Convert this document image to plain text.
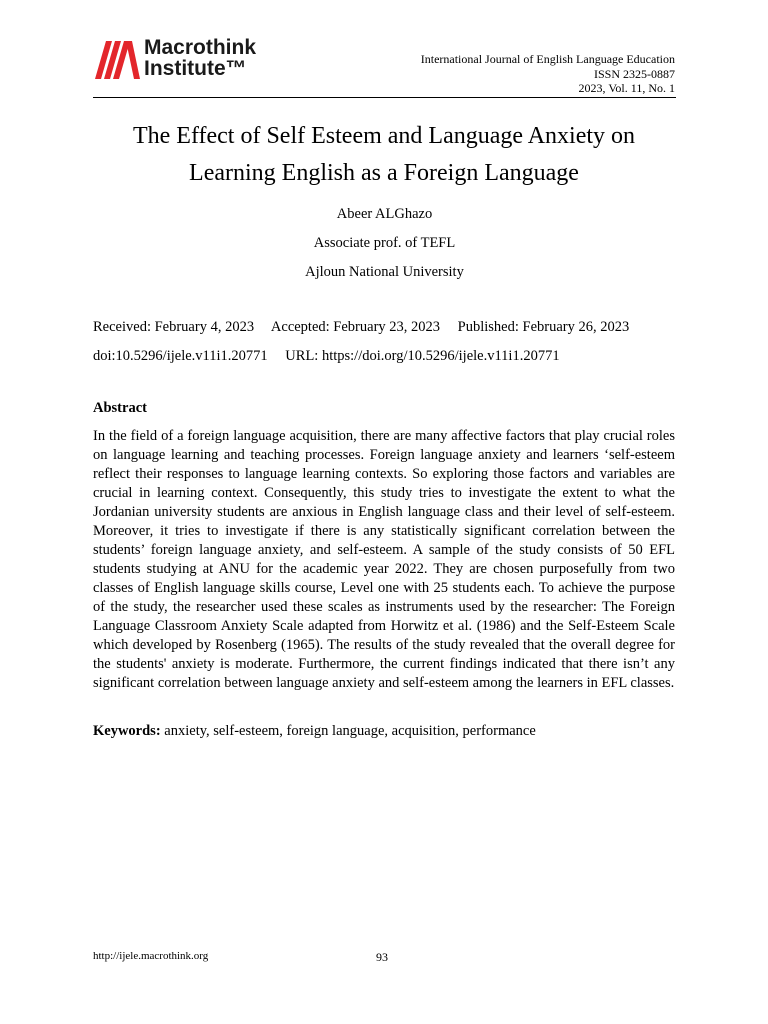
Macrothink
Institute™	International Journal of English Language Education
ISSN 2325-0887
2023, Vol. 11, No. 1
The Effect of Self Esteem and Language Anxiety on
Learning English as a Foreign Language
Abeer ALGhazo
Associate prof. of TEFL
Ajloun National University
Received: February 4, 2023 Accepted: February 23, 2023 Published: February 26, 2023
doi:10.5296/ijele.v11i1.20771 URL: https://doi.org/10.5296/ijele.v11i1.20771
Abstract

In the field of a foreign language acquisition, there are many affective factors that play crucial roles on language learning and teaching processes. Foreign language anxiety and learners ‘self-esteem reflect their responses to language learning contexts. So exploring those factors and variables are crucial in learning context. Consequently, this study tries to investigate the extent to what the Jordanian university students are anxious in English language class and their level of self-esteem. Moreover, it tries to investigate if there is any statistically significant correlation between the students’ foreign language anxiety, and self-esteem. A sample of the study consists of 50 EFL students studying at ANU for the academic year 2022. They are chosen purposefully from two classes of English language skills course, Level one with 25 students each. To achieve the purpose of the study, the researcher used these scales as instruments used by the researcher: The Foreign Language Classroom Anxiety Scale adapted from Horwitz et al. (1986) and the Self-Esteem Scale which developed by Rosenberg (1965). The results of the study revealed that the overall degree for the students' anxiety is moderate. Furthermore, the current findings indicated that there isn’t any significant correlation between language anxiety and self-esteem among the learners in EFL classes.

Keywords: anxiety, self-esteem, foreign language, acquisition, performance
http://ijele.macrothink.org	93
